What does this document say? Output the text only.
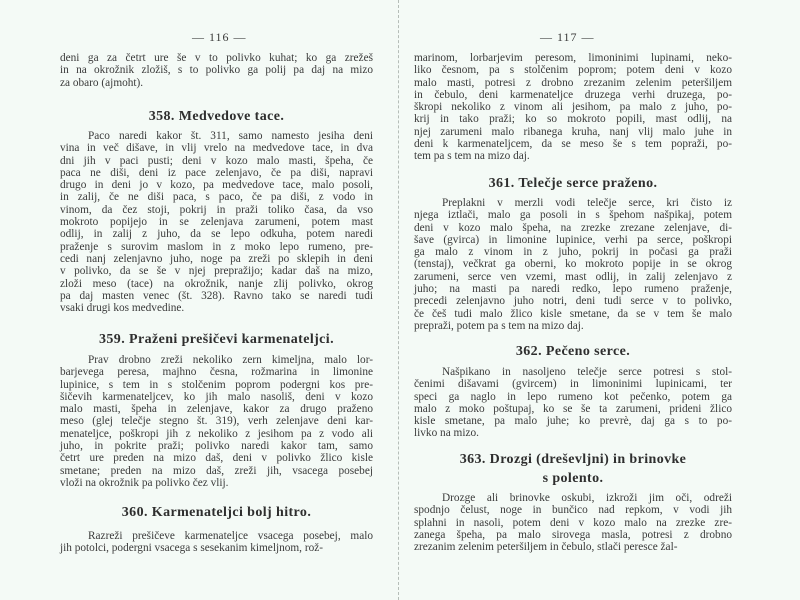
— 116 —
deni ga za četrt ure še v to polivko kuhat; ko ga zrežeš
in na okrožnik zložiš, s to polivko ga polij pa daj na mizo
za obaro (ajmoht).
358. Medvedove tace.
Paco naredi kakor št. 311, samo namesto jesiha deni
vina in več dišave, in vlij vrelo na medvedove tace, in dva
dni jih v paci pusti; deni v kozo malo masti, špeha, če
paca ne diši, deni iz pace zelenjavo, če pa diši, napravi
drugo in deni jo v kozo, pa medvedove tace, malo posoli,
in zalij, če ne diši paca, s paco, če pa diši, z vodo in
vinom, da čez stoji, pokrij in praži toliko časa, da vso
mokroto popijejo in se zelenjava zarumeni, potem mast
odlij, in zalij z juho, da se lepo odkuha, potem naredi
praženje s surovim maslom in z moko lepo rumeno, pre-
cedi nanj zelenjavno juho, noge pa zreži po sklepih in deni
v polivko, da se še v njej prepražijo; kadar daš na mizo,
zloži meso (tace) na okrožnik, nanje zlij polivko, okrog
pa daj masten venec (št. 328). Ravno tako se naredi tudi
vsaki drugi kos medvedine.
359. Praženi prešičevi karmenateljci.
Prav drobno zreži nekoliko zern kimeljna, malo lor-
barjevega peresa, majhno česna, rožmarina in limonine
lupinice, s tem in s stolčenim poprom podergni kos pre-
šičevih karmenateljcev, ko jih malo nasoliš, deni v kozo
malo masti, špeha in zelenjave, kakor za drugo praženo
meso (glej telečje stegno št. 319), verh zelenjave deni kar-
menateljce, poškropi jih z nekoliko z jesihom pa z vodo ali
juho, in pokrite praži; polivko naredi kakor tam, samo
četrt ure preden na mizo daš, deni v polivko žlico kisle
smetane; preden na mizo daš, zreži jih, vsacega posebej
vloži na okrožnik pa polivko čez vlij.
360. Karmenateljci bolj hitro.
Razreži prešičeve karmenateljce vsacega posebej, malo
jih potolci, podergni vsacega s sesekanim kimeljnom, rož-
— 117 —
marinom, lorbarjevim peresom, limoninimi lupinami, neko-
liko česnom, pa s stolčenim poprom; potem deni v kozo
malo masti, potresi z drobno zrezanim zelenim peteršiljem
in čebulo, deni karmenateljce druzega verhi druzega, po-
škropi nekoliko z vinom ali jesihom, pa malo z juho, po-
krij in tako praži; ko so mokroto popili, mast odlij, na
njej zarumeni malo ribanega kruha, nanj vlij malo juhe in
deni k karmenateljcem, da se meso še s tem popraži, po-
tem pa s tem na mizo daj.
361. Telečje serce praženo.
Preplakni v merzli vodi telečje serce, kri čisto iz
njega iztlači, malo ga posoli in s špehom našpikaj, potem
deni v kozo malo špeha, na zrezke zrezane zelenjave, di-
šave (gvirca) in limonine lupinice, verhi pa serce, poškropi
ga malo z vinom in z juho, pokrij in počasi ga praži
(tenstaj), večkrat ga oberni, ko mokroto popije in se okrog
zarumeni, serce ven vzemi, mast odlij, in zalij zelenjavo z
juho; na masti pa naredi redko, lepo rumeno praženje,
precedi zelenjavno juho notri, deni tudi serce v to polivko,
če češ tudi malo žlico kisle smetane, da se v tem še malo
prepraži, potem pa s tem na mizo daj.
362. Pečeno serce.
Našpikano in nasoljeno telečje serce potresi s stol-
čenimi dišavami (gvircem) in limoninimi lupinicami, ter
speci ga naglo in lepo rumeno kot pečenko, potem ga
malo z moko poštupaj, ko se še ta zarumeni, prideni žlico
kisle smetane, pa malo juhe; ko prevrè, daj ga s to po-
livko na mizo.
363. Drozgi (dreševljni) in brinovke
s polento.
Drozge ali brinovke oskubi, izkroži jim oči, odreži
spodnjo čelust, noge in bunčico nad repkom, v vodi jih
splahni in nasoli, potem deni v kozo malo na zrezke zre-
zanega špeha, pa malo sirovega masla, potresi z drobno
zrezanim zelenim peteršiljem in čebulo, stlači peresce žal-
